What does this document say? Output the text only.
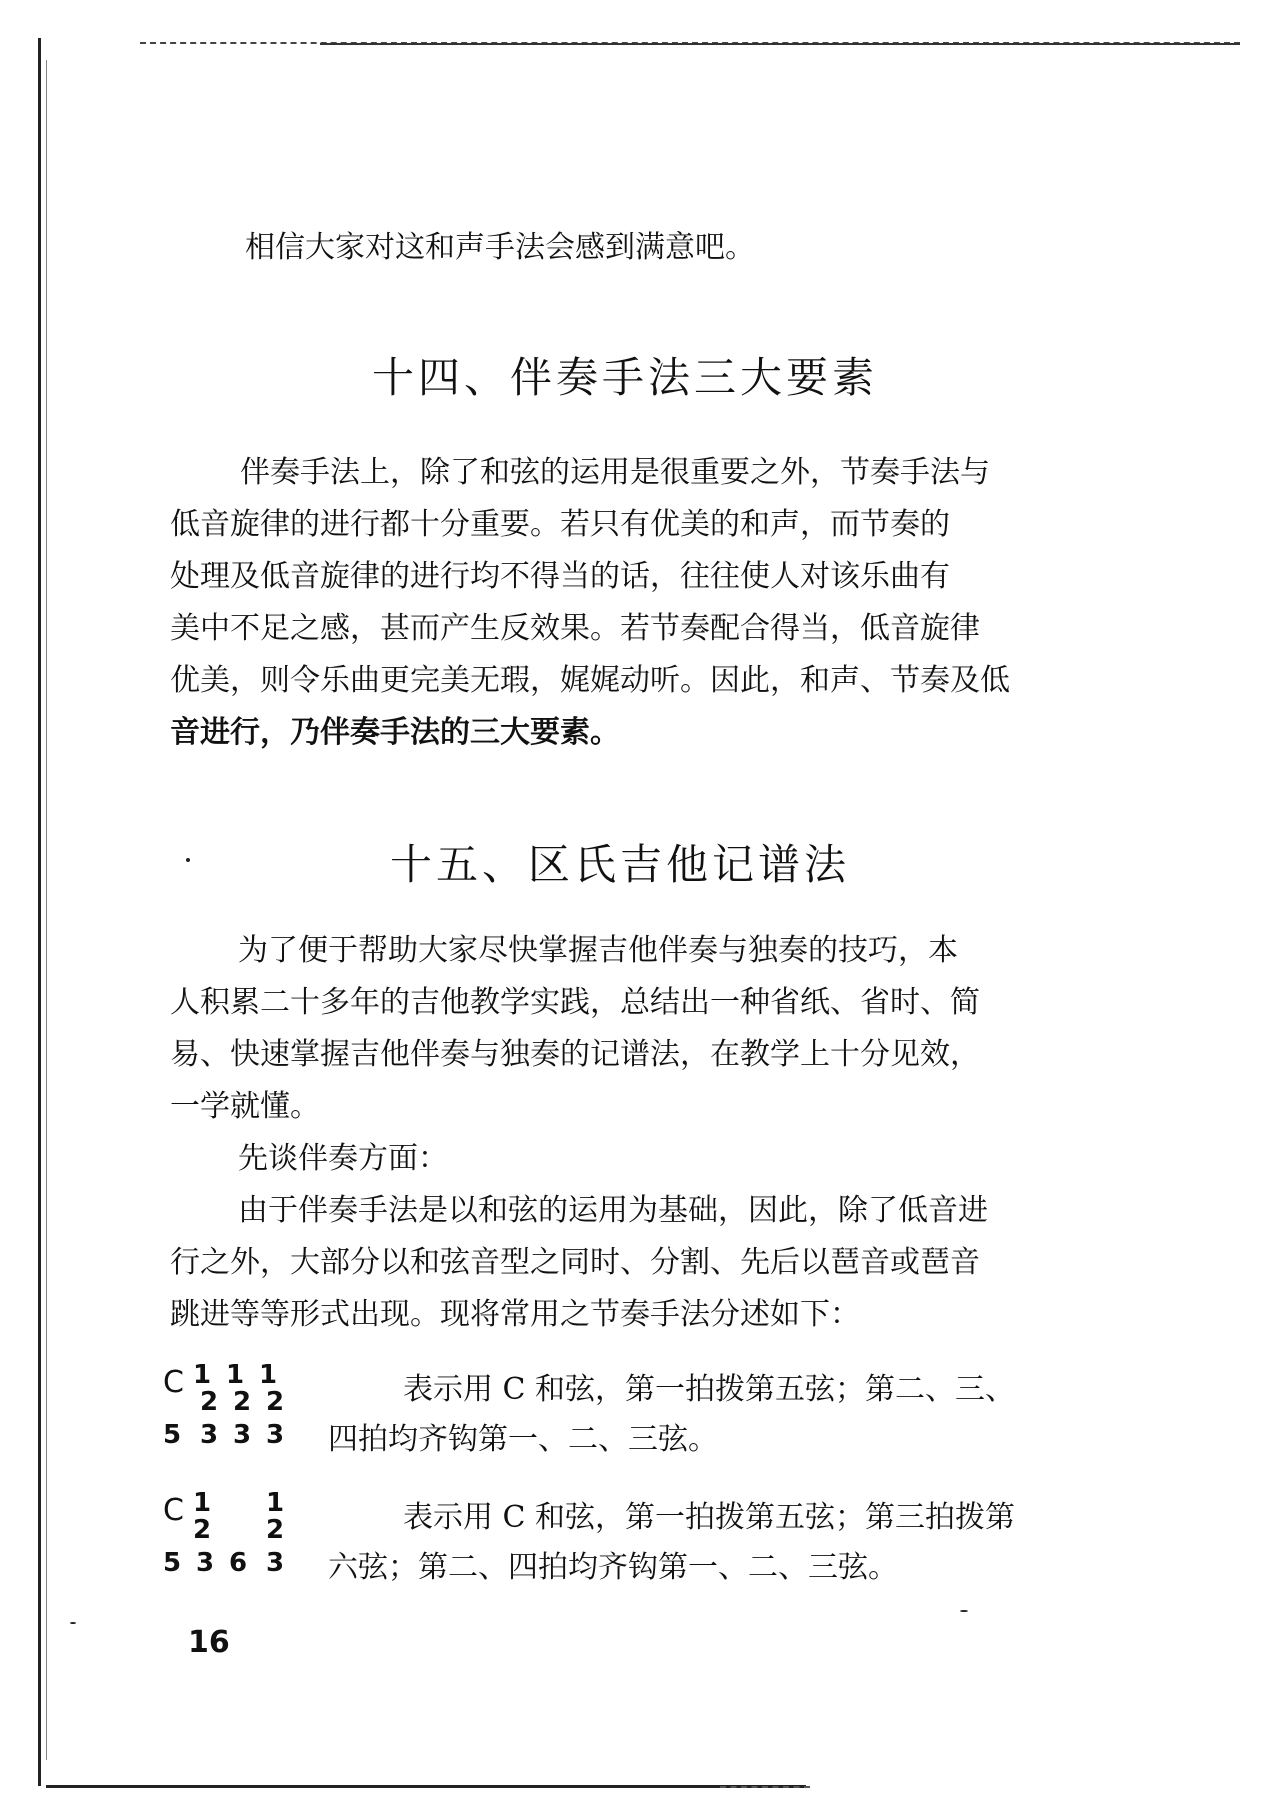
相信大家对这和声手法会感到满意吧。

十四、伴奏手法三大要素

伴奏手法上，除了和弦的运用是很重要之外，节奏手法与

低音旋律的进行都十分重要。若只有优美的和声，而节奏的

处理及低音旋律的进行均不得当的话，往往使人对该乐曲有

美中不足之感，甚而产生反效果。若节奏配合得当，低音旋律

优美，则令乐曲更完美无瑕，娓娓动听。因此，和声、节奏及低

音进行，乃伴奏手法的三大要素。

十五、区氏吉他记谱法

为了便于帮助大家尽快掌握吉他伴奏与独奏的技巧，本

人积累二十多年的吉他教学实践，总结出一种省纸、省时、简

易、快速掌握吉他伴奏与独奏的记谱法，在教学上十分见效，

一学就懂。

先谈伴奏方面：

由于伴奏手法是以和弦的运用为基础，因此，除了低音进

行之外，大部分以和弦音型之同时、分割、先后以琶音或琶音

跳进等等形式出现。现将常用之节奏手法分述如下：

C 1 1 1
2 2 2
5 3 3 3
表示用 C 和弦，第一拍拨第五弦；第二、三、
四拍均齐钩第一、二、三弦。
C 1 1
2 2
5 3 6 3
表示用 C 和弦，第一拍拨第五弦；第三拍拨第
六弦；第二、四拍均齐钩第一、二、三弦。
16
